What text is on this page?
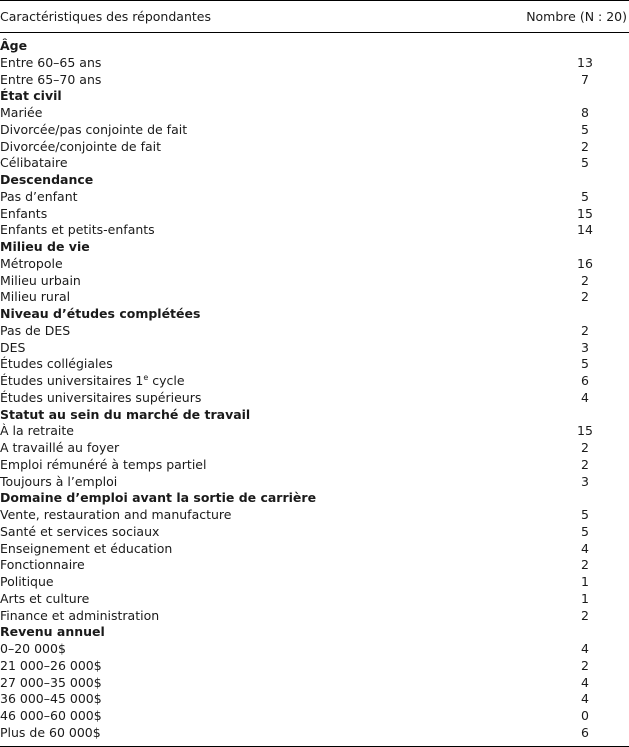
Caractéristiques des répondantes	Nombre (N : 20)
Âge
Entre 60–65 ans	13
Entre 65–70 ans	7
État civil
Mariée	8
Divorcée/pas conjointe de fait	5
Divorcée/conjointe de fait	2
Célibataire	5
Descendance
Pas d’enfant	5
Enfants	15
Enfants et petits-enfants	14
Milieu de vie
Métropole	16
Milieu urbain	2
Milieu rural	2
Niveau d’études complétées
Pas de DES	2
DES	3
Études collégiales	5
Études universitaires 1e cycle	6
Études universitaires supérieurs	4
Statut au sein du marché de travail
À la retraite	15
A travaillé au foyer	2
Emploi rémunéré à temps partiel	2
Toujours à l’emploi	3
Domaine d’emploi avant la sortie de carrière
Vente, restauration and manufacture	5
Santé et services sociaux	5
Enseignement et éducation	4
Fonctionnaire	2
Politique	1
Arts et culture	1
Finance et administration	2
Revenu annuel
0–20 000$	4
21 000–26 000$	2
27 000–35 000$	4
36 000–45 000$	4
46 000–60 000$	0
Plus de 60 000$	6
